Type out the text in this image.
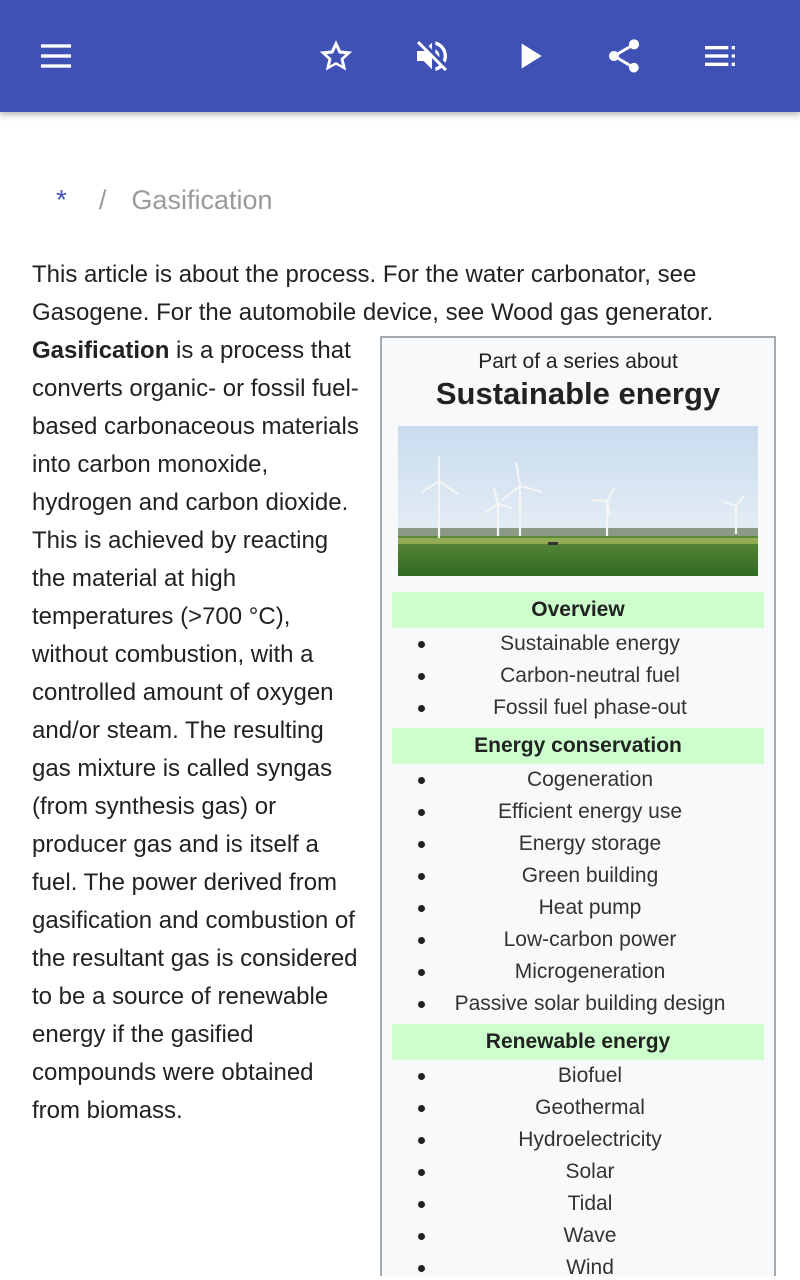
* / Gasification

This article is about the process. For the water carbonator, see Gasogene. For the automobile device, see Wood gas generator.

Part of a series about
Sustainable energy
Overview
Sustainable energy
Carbon-neutral fuel
Fossil fuel phase-out
Energy conservation
Cogeneration
Efficient energy use
Energy storage
Green building
Heat pump
Low-carbon power
Microgeneration
Passive solar building design
Renewable energy
Biofuel
Geothermal
Hydroelectricity
Solar
Tidal
Wave
Wind

Gasification is a process that converts organic- or fossil fuel-based carbonaceous materials into carbon monoxide, hydrogen and carbon dioxide. This is achieved by reacting the material at high temperatures (>700 °C), without combustion, with a controlled amount of oxygen and/or steam. The resulting gas mixture is called syngas (from synthesis gas) or producer gas and is itself a fuel. The power derived from gasification and combustion of the resultant gas is considered to be a source of renewable energy if the gasified compounds were obtained from biomass.
